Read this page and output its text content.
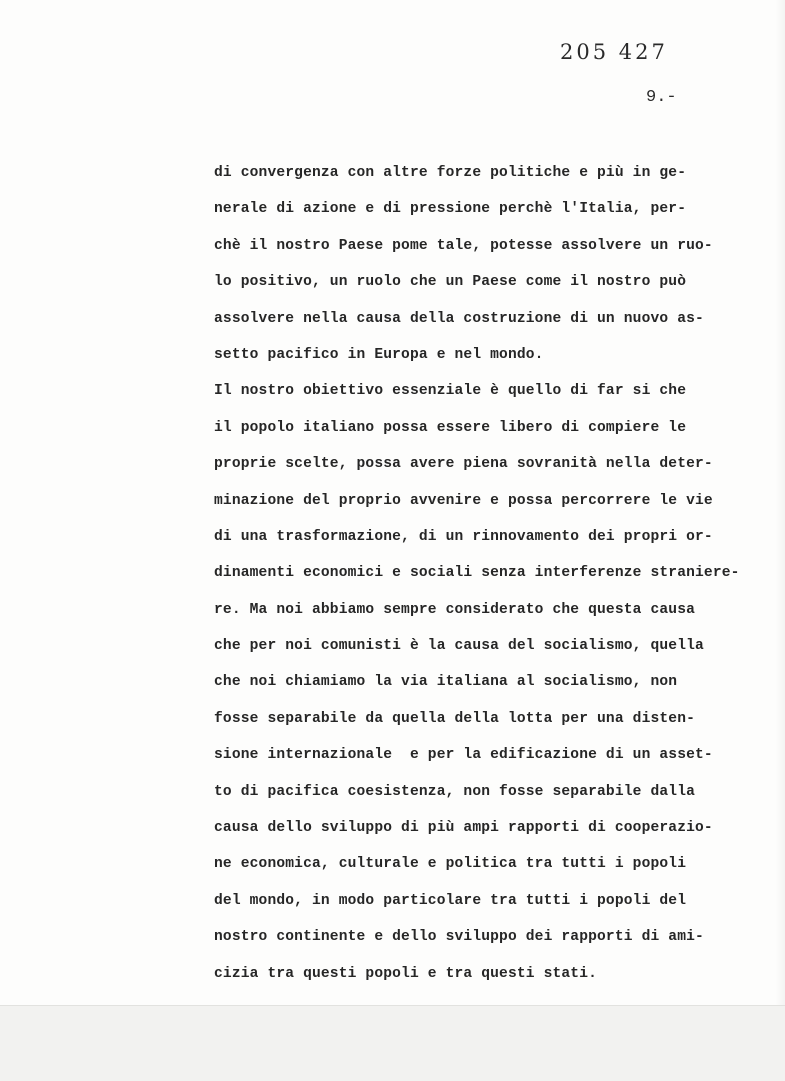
205 427
9.-
di convergenza con altre forze politiche e più in ge-
nerale di azione e di pressione perchè l'Italia, per-
chè il nostro Paese pome tale, potesse assolvere un ruo-
lo positivo, un ruolo che un Paese come il nostro può
assolvere nella causa della costruzione di un nuovo as-
setto pacifico in Europa e nel mondo.
Il nostro obiettivo essenziale è quello di far si che
il popolo italiano possa essere libero di compiere le
proprie scelte, possa avere piena sovranità nella deter-
minazione del proprio avvenire e possa percorrere le vie
di una trasformazione, di un rinnovamento dei propri or-
dinamenti economici e sociali senza interferenze straniere-
re. Ma noi abbiamo sempre considerato che questa causa
che per noi comunisti è la causa del socialismo, quella
che noi chiamiamo la via italiana al socialismo, non
fosse separabile da quella della lotta per una disten-
sione internazionale  e per la edificazione di un asset-
to di pacifica coesistenza, non fosse separabile dalla
causa dello sviluppo di più ampi rapporti di cooperazio-
ne economica, culturale e politica tra tutti i popoli
del mondo, in modo particolare tra tutti i popoli del
nostro continente e dello sviluppo dei rapporti di ami-
cizia tra questi popoli e tra questi stati.
